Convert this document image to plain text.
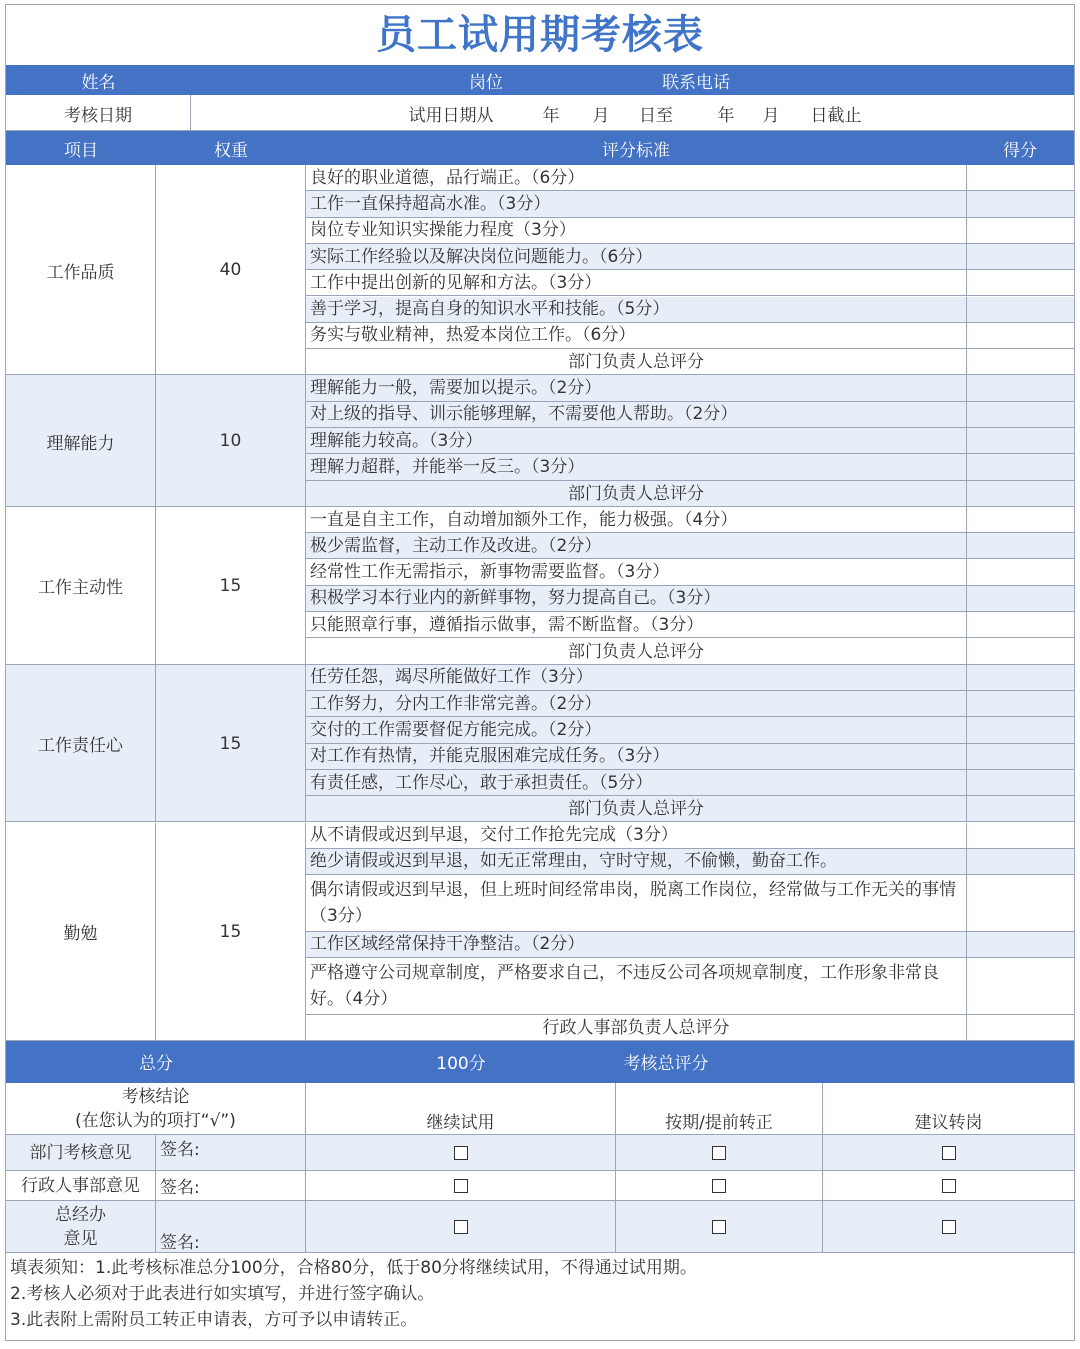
员工试用期考核表
姓名	岗位	联系电话
考核日期	试用日期从	年	月	日至	年	月	日截止
项目	权重	评分标准	得分
工作品质	40
良好的职业道德，品行端正。（6分）
工作一直保持超高水准。（3分）
岗位专业知识实操能力程度（3分）
实际工作经验以及解决岗位问题能力。（6分）
工作中提出创新的见解和方法。（3分）
善于学习，提高自身的知识水平和技能。（5分）
务实与敬业精神，热爱本岗位工作。（6分）
部门负责人总评分
理解能力	10
理解能力一般，需要加以提示。（2分）
对上级的指导、训示能够理解，不需要他人帮助。（2分）
理解能力较高。（3分）
理解力超群，并能举一反三。（3分）
部门负责人总评分
工作主动性	15
一直是自主工作，自动增加额外工作，能力极强。（4分）
极少需监督，主动工作及改进。（2分）
经常性工作无需指示，新事物需要监督。（3分）
积极学习本行业内的新鲜事物，努力提高自己。（3分）
只能照章行事，遵循指示做事，需不断监督。（3分）
部门负责人总评分
工作责任心	15
任劳任怨，竭尽所能做好工作（3分）
工作努力，分内工作非常完善。（2分）
交付的工作需要督促方能完成。（2分）
对工作有热情，并能克服困难完成任务。（3分）
有责任感，工作尽心，敢于承担责任。（5分）
部门负责人总评分
勤勉	15
从不请假或迟到早退，交付工作抢先完成（3分）
绝少请假或迟到早退，如无正常理由，守时守规，不偷懒，勤奋工作。
偶尔请假或迟到早退，但上班时间经常串岗，脱离工作岗位，经常做与工作无关的事情（3分）
工作区域经常保持干净整洁。（2分）
严格遵守公司规章制度，严格要求自己，不违反公司各项规章制度，工作形象非常良好。（4分）
行政人事部负责人总评分
总分	100分	考核总评分
考核结论
(在您认为的项打“√”)	继续试用	按期/提前转正	建议转岗
部门考核意见	签名:
行政人事部意见	签名:
总经办
意见	签名:
填表须知：1.此考核标准总分100分，合格80分，低于80分将继续试用，不得通过试用期。
2.考核人必须对于此表进行如实填写，并进行签字确认。
3.此表附上需附员工转正申请表，方可予以申请转正。
